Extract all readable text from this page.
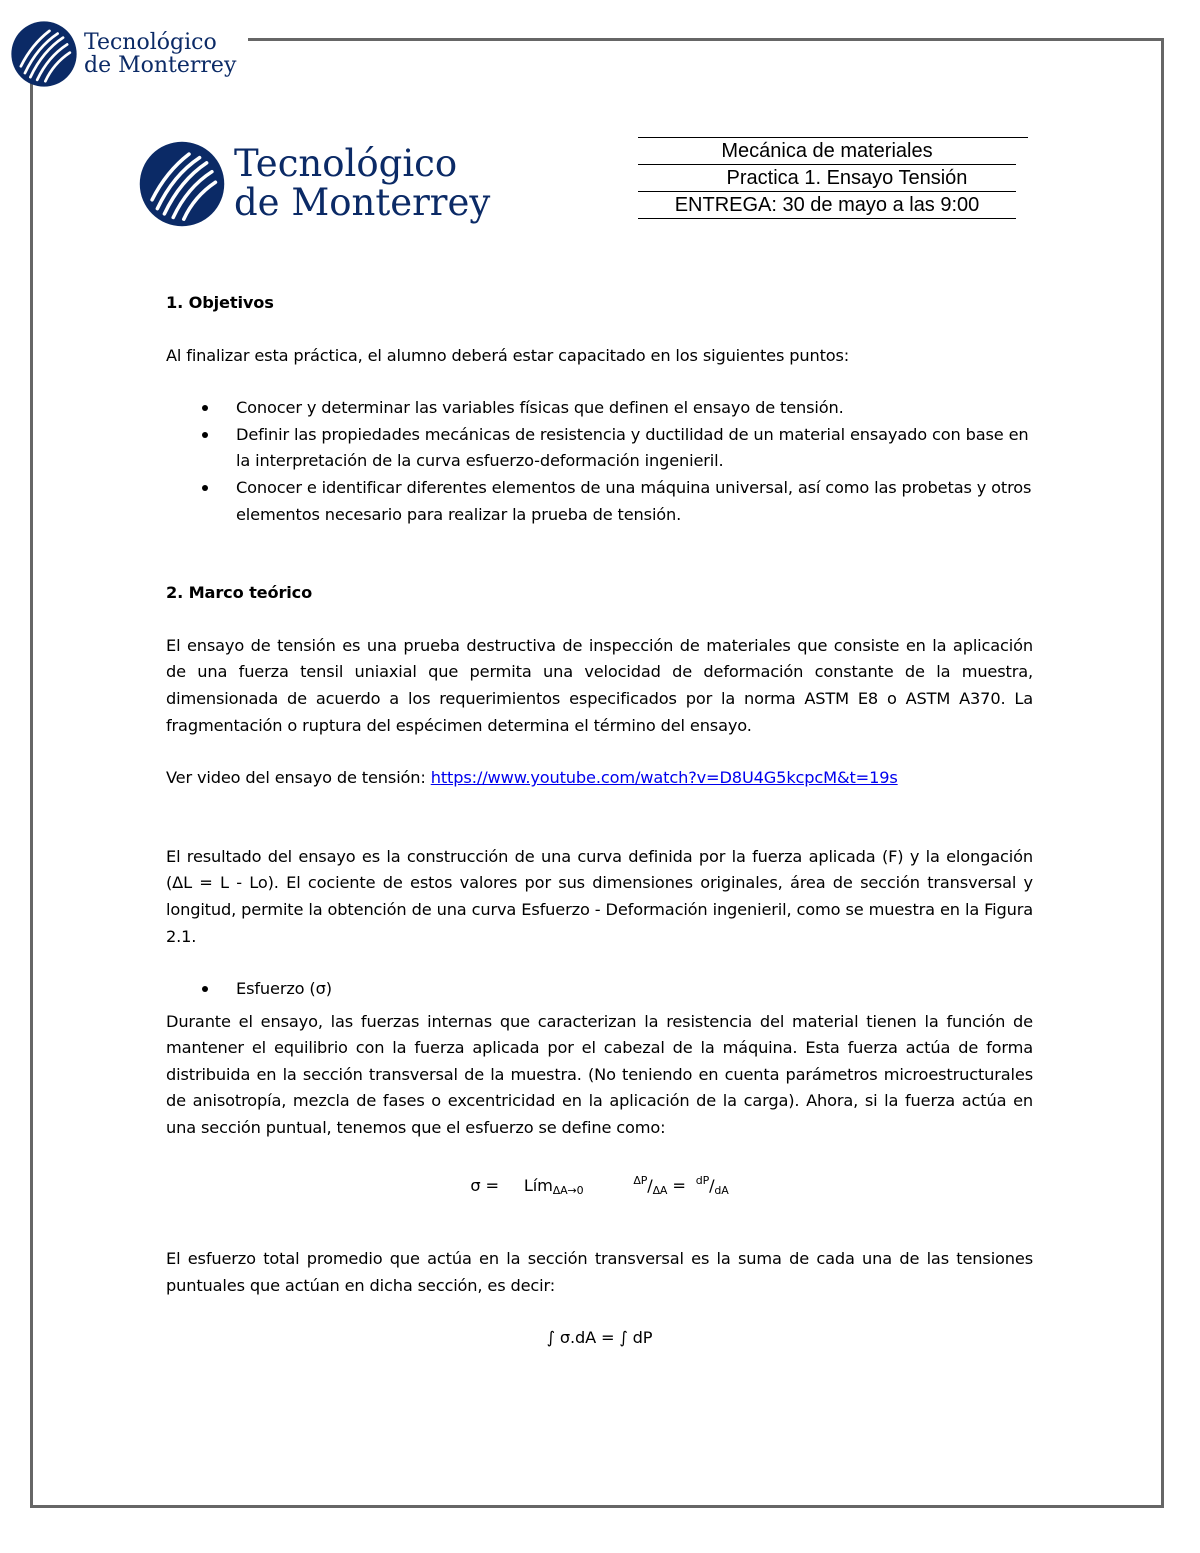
Tecnológico
de Monterrey
Tecnológico
de Monterrey
Mecánica de materiales
Practica 1. Ensayo Tensión
ENTREGA: 30 de mayo a las 9:00
1. Objetivos

Al finalizar esta práctica, el alumno deberá estar capacitado en los siguientes puntos:

Conocer y determinar las variables físicas que definen el ensayo de tensión.
Definir las propiedades mecánicas de resistencia y ductilidad de un material ensayado con base en la interpretación de la curva esfuerzo-deformación ingenieril.
Conocer e identificar diferentes elementos de una máquina universal, así como las probetas y otros elementos necesario para realizar la prueba de tensión.
2. Marco teórico

El ensayo de tensión es una prueba destructiva de inspección de materiales que consiste en la aplicación de una fuerza tensil uniaxial que permita una velocidad de deformación constante de la muestra, dimensionada de acuerdo a los requerimientos especificados por la norma ASTM E8 o ASTM A370. La fragmentación o ruptura del espécimen determina el término del ensayo.

Ver video del ensayo de tensión: https://www.youtube.com/watch?v=D8U4G5kcpcM&t=19s

El resultado del ensayo es la construcción de una curva definida por la fuerza aplicada (F) y la elongación (ΔL = L - Lo). El cociente de estos valores por sus dimensiones originales, área de sección transversal y longitud, permite la obtención de una curva Esfuerzo - Deformación ingenieril, como se muestra en la Figura 2.1.

Esfuerzo (σ)

Durante el ensayo, las fuerzas internas que caracterizan la resistencia del material tienen la función de mantener el equilibrio con la fuerza aplicada por el cabezal de la máquina. Esta fuerza actúa de forma distribuida en la sección transversal de la muestra. (No teniendo en cuenta parámetros microestructurales de anisotropía, mezcla de fases o excentricidad en la aplicación de la carga). Ahora, si la fuerza actúa en una sección puntual, tenemos que el esfuerzo se define como:

σ = Lím$_{\Delta A\to 0}$          $^{\Delta P}/_{\Delta A} = ^{dP}/_{dA}$

El esfuerzo total promedio que actúa en la sección transversal es la suma de cada una de las tensiones puntuales que actúan en dicha sección, es decir:

∫ σ.dA = ∫ dP
